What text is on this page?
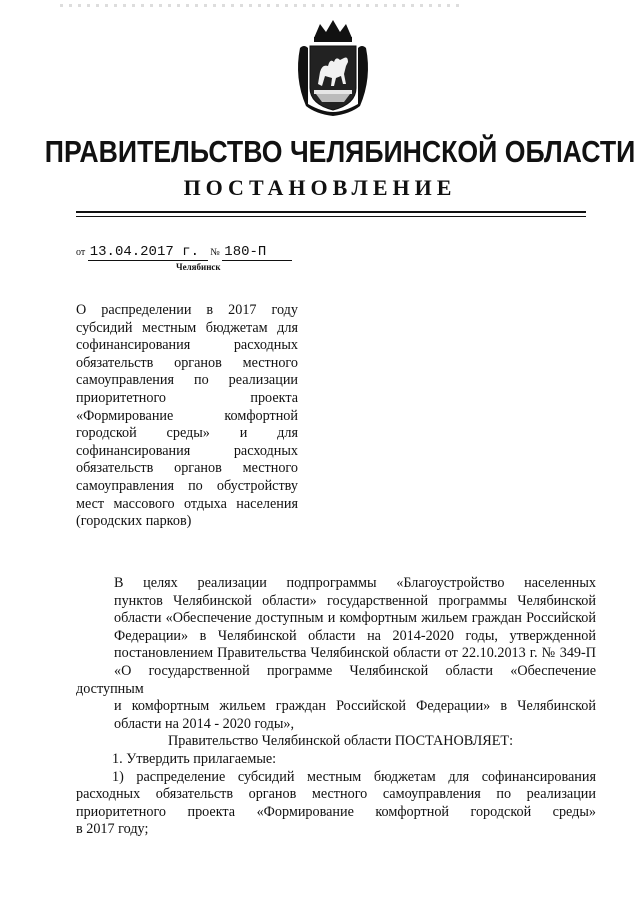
ПРАВИТЕЛЬСТВО ЧЕЛЯБИНСКОЙ ОБЛАСТИ
ПОСТАНОВЛЕНИЕ
от 13.04.2017 г. № 180-П
Челябинск
О распределении в 2017 году
субсидий местным бюджетам для
софинансирования расходных
обязательств органов местного
самоуправления по реализации
приоритетного проекта
«Формирование комфортной
городской среды» и для
софинансирования расходных
обязательств органов местного
самоуправления по обустройству
мест массового отдыха населения
(городских парков)
В целях реализации подпрограммы «Благоустройство населенных
пунктов Челябинской области» государственной программы Челябинской
области «Обеспечение доступным и комфортным жильем граждан Российской
Федерации» в Челябинской области на 2014-2020 годы, утвержденной
постановлением Правительства Челябинской области от 22.10.2013 г. № 349-П
«О государственной программе Челябинской области «Обеспечение доступным
и комфортным жильем граждан Российской Федерации» в Челябинской
области на 2014 - 2020 годы»,
Правительство Челябинской области ПОСТАНОВЛЯЕТ:
1. Утвердить прилагаемые:
1) распределение субсидий местным бюджетам для софинансирования
расходных обязательств органов местного самоуправления по реализации
приоритетного проекта «Формирование комфортной городской среды»
в 2017 году;
